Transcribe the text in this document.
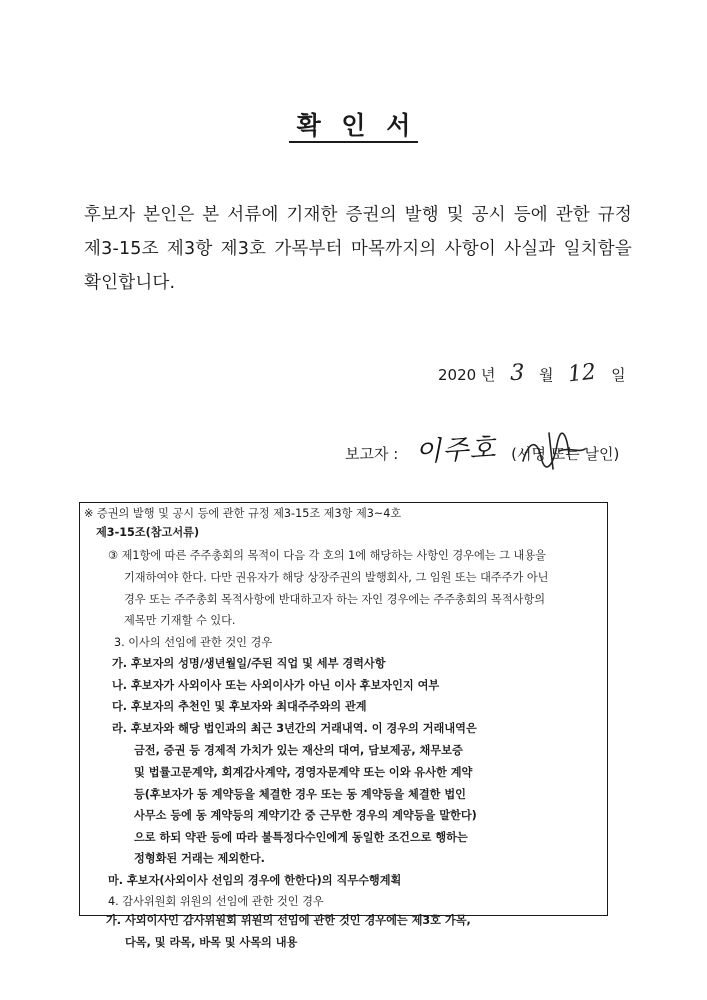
확 인 서
후보자 본인은 본 서류에 기재한 증권의 발행 및 공시 등에 관한 규정 제3-15조 제3항 제3호 가목부터 마목까지의 사항이 사실과 일치함을 확인합니다.
2020 년 3 월 12 일
보고자 : 이주호 (서명 또는 날인)
※ 증권의 발행 및 공시 등에 관한 규정 제3-15조 제3항 제3~4호
제3-15조(참고서류)
③ 제1항에 따른 주주총회의 목적이 다음 각 호의 1에 해당하는 사항인 경우에는 그 내용을
기재하여야 한다. 다만 권유자가 해당 상장주권의 발행회사, 그 임원 또는 대주주가 아닌
경우 또는 주주총회 목적사항에 반대하고자 하는 자인 경우에는 주주총회의 목적사항의
제목만 기재할 수 있다.
3. 이사의 선임에 관한 것인 경우
가. 후보자의 성명/생년월일/주된 직업 및 세부 경력사항
나. 후보자가 사외이사 또는 사외이사가 아닌 이사 후보자인지 여부
다. 후보자의 추천인 및 후보자와 최대주주와의 관계
라. 후보자와 해당 법인과의 최근 3년간의 거래내역. 이 경우의 거래내역은
금전, 증권 등 경제적 가치가 있는 재산의 대여, 담보제공, 채무보증
및 법률고문계약, 회계감사계약, 경영자문계약 또는 이와 유사한 계약
등(후보자가 동 계약등을 체결한 경우 또는 동 계약등을 체결한 법인
사무소 등에 동 계약등의 계약기간 중 근무한 경우의 계약등을 말한다)
으로 하되 약관 등에 따라 불특정다수인에게 동일한 조건으로 행하는
정형화된 거래는 제외한다.
마. 후보자(사외이사 선임의 경우에 한한다)의 직무수행계획
4. 감사위원회 위원의 선임에 관한 것인 경우
가. 사외이사인 감사위원회 위원의 선임에 관한 것인 경우에는 제3호 가목,
다목, 및 라목, 바목 및 사목의 내용
